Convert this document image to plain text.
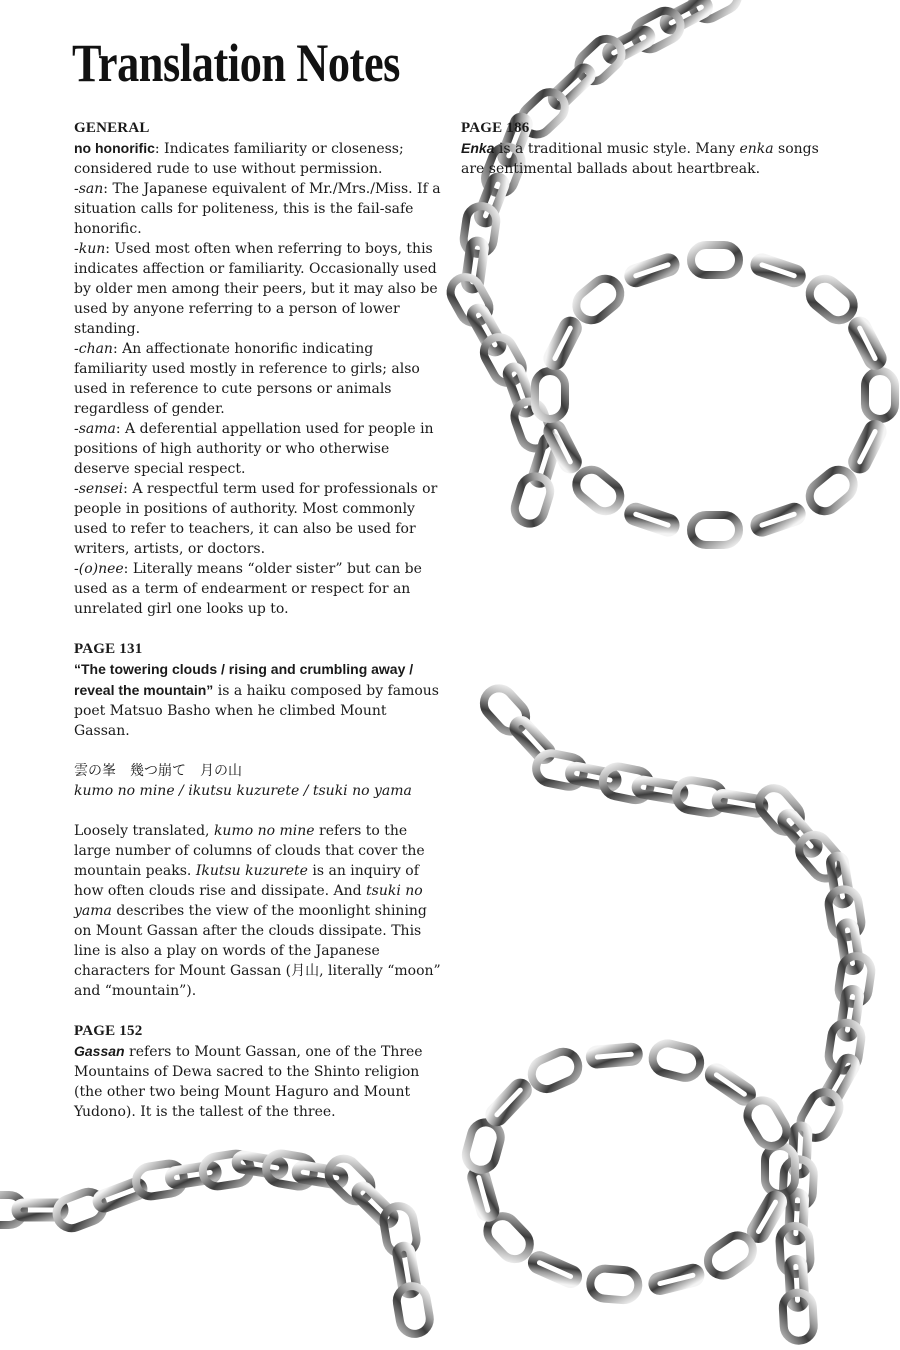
Translation Notes
GENERAL

no honorific: Indicates familiarity or closeness; considered rude to use without permission.

-san: The Japanese equivalent of Mr./Mrs./Miss. If a situation calls for politeness, this is the fail-safe honorific.

-kun: Used most often when referring to boys, this indicates affection or familiarity. Occasionally used by older men among their peers, but it may also be used by anyone referring to a person of lower standing.

-chan: An affectionate honorific indicating familiarity used mostly in reference to girls; also used in reference to cute persons or animals regardless of gender.

-sama: A deferential appellation used for people in positions of high authority or who otherwise deserve special respect.

-sensei: A respectful term used for professionals or people in positions of authority. Most commonly used to refer to teachers, it can also be used for writers, artists, or doctors.

-(o)nee: Literally means “older sister” but can be used as a term of endearment or respect for an unrelated girl one looks up to.

PAGE 131

“The towering clouds / rising and crumbling away / reveal the mountain” is a haiku composed by famous poet Matsuo Basho when he climbed Mount Gassan.

雲の峯　幾つ崩て　月の山

kumo no mine / ikutsu kuzurete / tsuki no yama

Loosely translated, kumo no mine refers to the large number of columns of clouds that cover the mountain peaks. Ikutsu kuzurete is an inquiry of how often clouds rise and dissipate. And tsuki no yama describes the view of the moonlight shining on Mount Gassan after the clouds dissipate. This line is also a play on words of the Japanese characters for Mount Gassan (月山, literally “moon” and “mountain”).

PAGE 152

Gassan refers to Mount Gassan, one of the Three Mountains of Dewa sacred to the Shinto religion (the other two being Mount Haguro and Mount Yudono). It is the tallest of the three.

PAGE 186

Enka is a traditional music style. Many enka songs are sentimental ballads about heartbreak.
